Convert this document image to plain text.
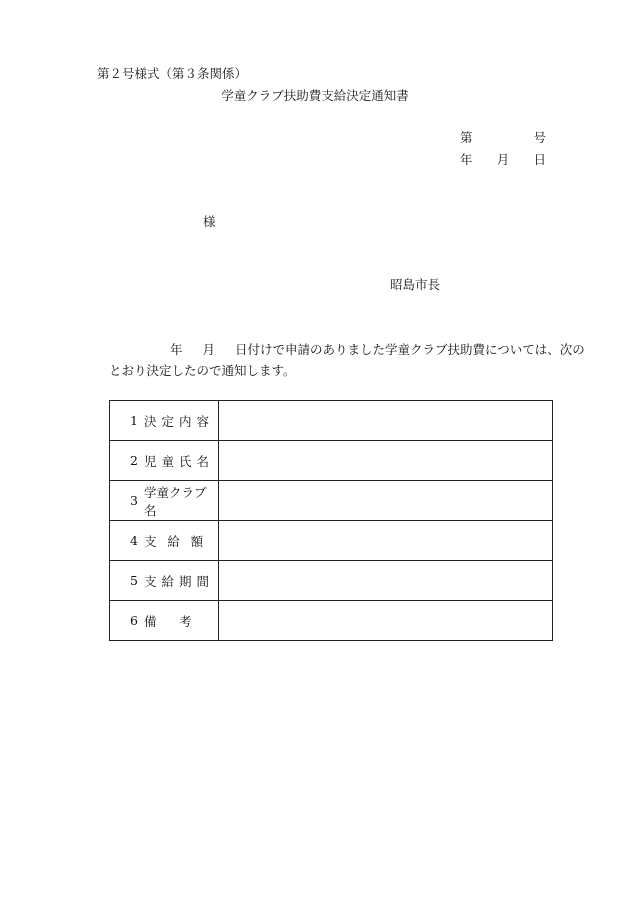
第２号様式（第３条関係）
学童クラブ扶助費支給決定通知書
第	号
年 月 日
様
昭島市長
年 月 日付けで申請のありました学童クラブ扶助費については、次の
とおり決定したので通知します。
1	決 定 内 容	

2	児 童 氏 名	

3	学童クラブ名	

4	支 給 額	

5	支 給 期 間	

6	備 考	
